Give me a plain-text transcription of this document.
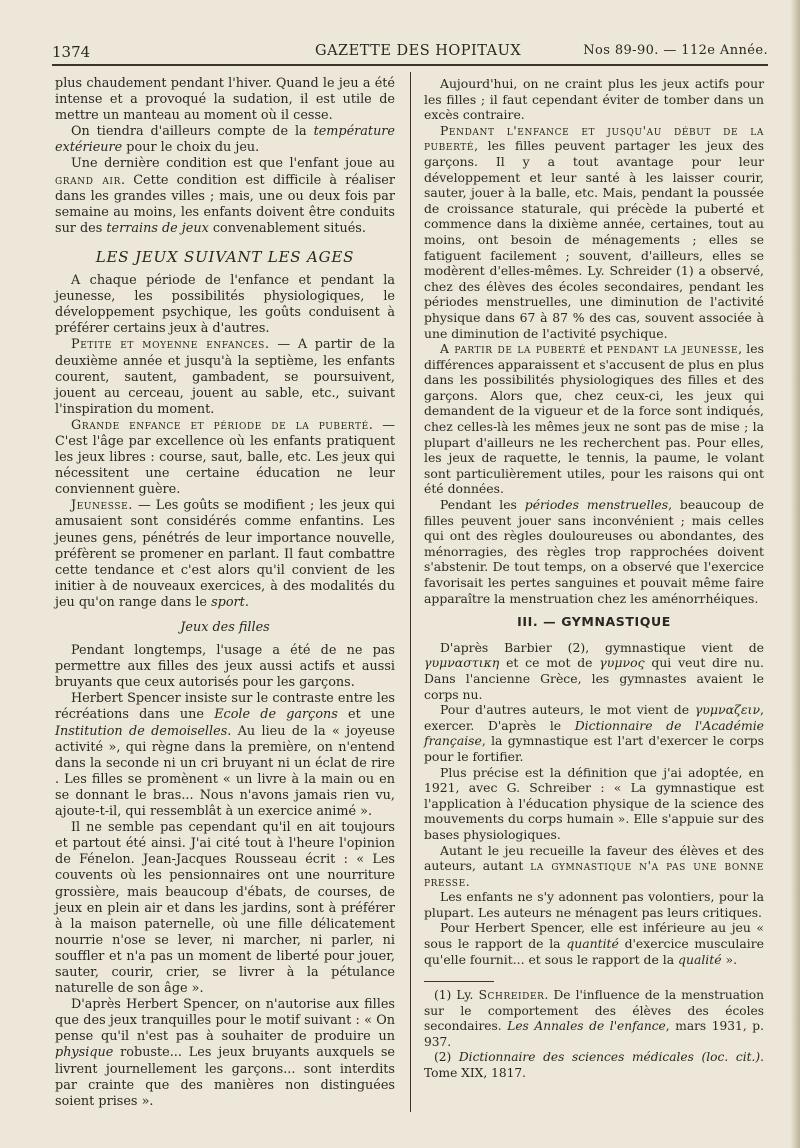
1374	GAZETTE DES HOPITAUX	Nos 89-90. — 112e Année.

plus chaudement pendant l'hiver. Quand le jeu a été intense et a provoqué la sudation, il est utile de mettre un manteau au moment où il cesse.

On tiendra d'ailleurs compte de la température extérieure pour le choix du jeu.

Une dernière condition est que l'enfant joue au grand air. Cette condition est difficile à réaliser dans les grandes villes ; mais, une ou deux fois par semaine au moins, les enfants doivent être conduits sur des terrains de jeux convenablement situés.

LES JEUX SUIVANT LES AGES

A chaque période de l'enfance et pendant la jeunesse, les possibilités physiologiques, le développement psychique, les goûts conduisent à préférer certains jeux à d'autres.

Petite et moyenne enfances. — A partir de la deuxième année et jusqu'à la septième, les enfants courent, sautent, gambadent, se poursuivent, jouent au cerceau, jouent au sable, etc., suivant l'inspiration du moment.

Grande enfance et période de la puberté. — C'est l'âge par excellence où les enfants pratiquent les jeux libres : course, saut, balle, etc. Les jeux qui nécessitent une certaine éducation ne leur conviennent guère.

Jeunesse. — Les goûts se modifient ; les jeux qui amusaient sont considérés comme enfantins. Les jeunes gens, pénétrés de leur importance nouvelle, préfèrent se promener en parlant. Il faut combattre cette tendance et c'est alors qu'il convient de les initier à de nouveaux exercices, à des modalités du jeu qu'on range dans le sport.

Jeux des filles

Pendant longtemps, l'usage a été de ne pas permettre aux filles des jeux aussi actifs et aussi bruyants que ceux autorisés pour les garçons.

Herbert Spencer insiste sur le contraste entre les récréations dans une Ecole de garçons et une Institution de demoiselles. Au lieu de la « joyeuse activité », qui règne dans la première, on n'entend dans la seconde ni un cri bruyant ni un éclat de rire . Les filles se promènent « un livre à la main ou en se donnant le bras... Nous n'avons jamais rien vu, ajoute-t-il, qui ressemblât à un exercice animé ».

Il ne semble pas cependant qu'il en ait toujours et partout été ainsi. J'ai cité tout à l'heure l'opinion de Fénelon. Jean-Jacques Rousseau écrit : « Les couvents où les pensionnaires ont une nourriture grossière, mais beaucoup d'ébats, de courses, de jeux en plein air et dans les jardins, sont à préférer à la maison paternelle, où une fille délicatement nourrie n'ose se lever, ni marcher, ni parler, ni souffler et n'a pas un moment de liberté pour jouer, sauter, courir, crier, se livrer à la pétulance naturelle de son âge ».

D'après Herbert Spencer, on n'autorise aux filles que des jeux tranquilles pour le motif suivant : « On pense qu'il n'est pas à souhaiter de produire un physique robuste... Les jeux bruyants auxquels se livrent journellement les garçons... sont interdits par crainte que des manières non distinguées soient prises ».

Aujourd'hui, on ne craint plus les jeux actifs pour les filles ; il faut cependant éviter de tomber dans un excès contraire.

Pendant l'enfance et jusqu'au début de la puberté, les filles peuvent partager les jeux des garçons. Il y a tout avantage pour leur développement et leur santé à les laisser courir, sauter, jouer à la balle, etc. Mais, pendant la poussée de croissance staturale, qui précède la puberté et commence dans la dixième année, certaines, tout au moins, ont besoin de ménagements ; elles se fatiguent facilement ; souvent, d'ailleurs, elles se modèrent d'elles-mêmes. Ly. Schreider (1) a observé, chez des élèves des écoles secondaires, pendant les périodes menstruelles, une diminution de l'activité physique dans 67 à 87 % des cas, souvent associée à une diminution de l'activité psychique.

A partir de la puberté et pendant la jeunesse, les différences apparaissent et s'accusent de plus en plus dans les possibilités physiologiques des filles et des garçons. Alors que, chez ceux-ci, les jeux qui demandent de la vigueur et de la force sont indiqués, chez celles-là les mêmes jeux ne sont pas de mise ; la plupart d'ailleurs ne les recherchent pas. Pour elles, les jeux de raquette, le tennis, la paume, le volant sont particulièrement utiles, pour les raisons qui ont été données.

Pendant les périodes menstruelles, beaucoup de filles peuvent jouer sans inconvénient ; mais celles qui ont des règles douloureuses ou abondantes, des ménorragies, des règles trop rapprochées doivent s'abstenir. De tout temps, on a observé que l'exercice favorisait les pertes sanguines et pouvait même faire apparaître la menstruation chez les aménorrhéiques.

III. — GYMNASTIQUE

D'après Barbier (2), gymnastique vient de γυμναστικη et ce mot de γυμνος qui veut dire nu. Dans l'ancienne Grèce, les gymnastes avaient le corps nu.

Pour d'autres auteurs, le mot vient de γυμναζειν, exercer. D'après le Dictionnaire de l'Académie française, la gymnastique est l'art d'exercer le corps pour le fortifier.

Plus précise est la définition que j'ai adoptée, en 1921, avec G. Schreiber : « La gymnastique est l'application à l'éducation physique de la science des mouvements du corps humain ». Elle s'appuie sur des bases physiologiques.

Autant le jeu recueille la faveur des élèves et des auteurs, autant la gymnastique n'a pas une bonne presse.

Les enfants ne s'y adonnent pas volontiers, pour la plupart. Les auteurs ne ménagent pas leurs critiques.

Pour Herbert Spencer, elle est inférieure au jeu « sous le rapport de la quantité d'exercice musculaire qu'elle fournit... et sous le rapport de la qualité ».

(1) Ly. Schreider. De l'influence de la menstruation sur le comportement des élèves des écoles secondaires. Les Annales de l'enfance, mars 1931, p. 937.

(2) Dictionnaire des sciences médicales (loc. cit.). Tome XIX, 1817.
